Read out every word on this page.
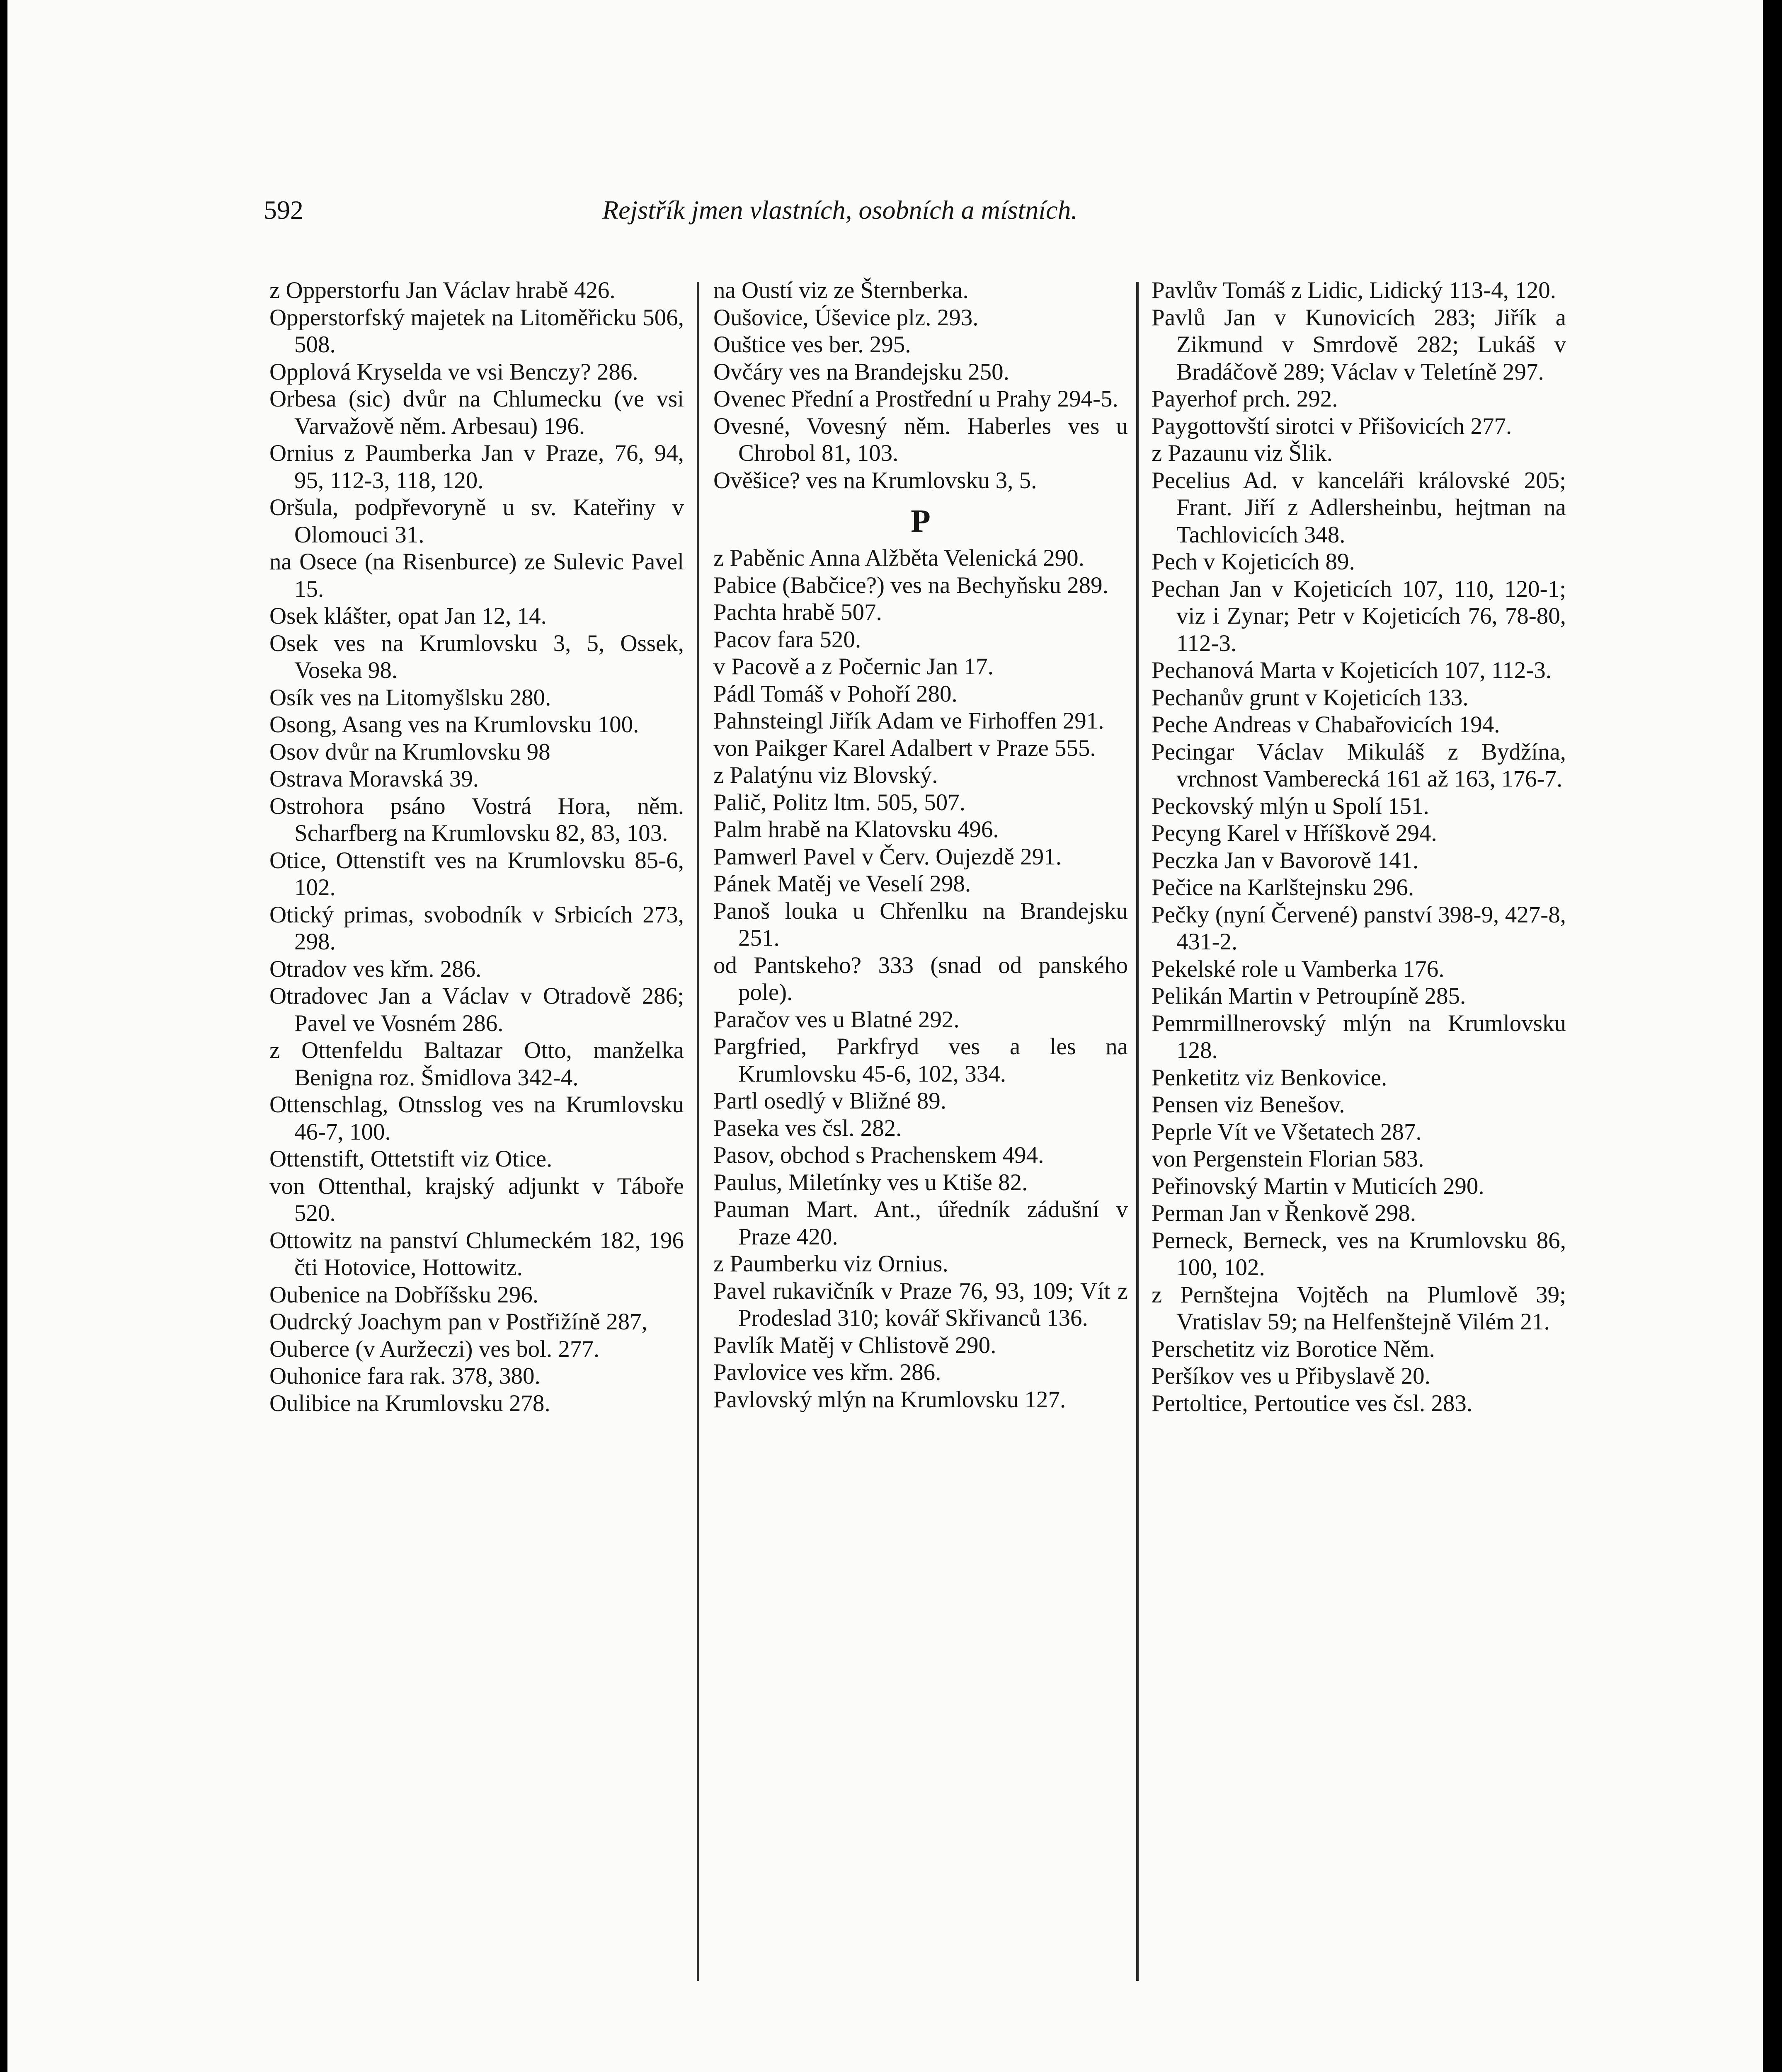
592	Rejstřík jmen vlastních, osobních a místních.
z Opperstorfu Jan Václav hrabě 426.
Opperstorfský majetek na Litoměřicku 506, 508.
Opplová Kryselda ve vsi Benczy? 286.
Orbesa (sic) dvůr na Chlumecku (ve vsi Varvažově něm. Arbesau) 196.
Ornius z Paumberka Jan v Praze, 76, 94, 95, 112-3, 118, 120.
Oršula, podpřevoryně u sv. Kateřiny v Olomouci 31.
na Osece (na Risenburce) ze Sulevic Pavel 15.
Osek klášter, opat Jan 12, 14.
Osek ves na Krumlovsku 3, 5, Ossek, Voseka 98.
Osík ves na Litomyšlsku 280.
Osong, Asang ves na Krumlovsku 100.
Osov dvůr na Krumlovsku 98
Ostrava Moravská 39.
Ostrohora psáno Vostrá Hora, něm. Scharfberg na Krumlovsku 82, 83, 103.
Otice, Ottenstift ves na Krumlovsku 85-6, 102.
Otický primas, svobodník v Srbicích 273, 298.
Otradov ves křm. 286.
Otradovec Jan a Václav v Otradově 286; Pavel ve Vosném 286.
z Ottenfeldu Baltazar Otto, manželka Benigna roz. Šmidlova 342-4.
Ottenschlag, Otnsslog ves na Krumlovsku 46-7, 100.
Ottenstift, Ottetstift viz Otice.
von Ottenthal, krajský adjunkt v Táboře 520.
Ottowitz na panství Chlumeckém 182, 196 čti Hotovice, Hottowitz.
Oubenice na Dobříšsku 296.
Oudrcký Joachym pan v Postřižíně 287,
Ouberce (v Auržeczi) ves bol. 277.
Ouhonice fara rak. 378, 380.
Oulibice na Krumlovsku 278.
na Oustí viz ze Šternberka.
Oušovice, Úševice plz. 293.
Ouštice ves ber. 295.
Ovčáry ves na Brandejsku 250.
Ovenec Přední a Prostřední u Prahy 294-5.
Ovesné, Vovesný něm. Haberles ves u Chrobol 81, 103.
Ověšice? ves na Krumlovsku 3, 5.
P
z Paběnic Anna Alžběta Velenická 290.
Pabice (Babčice?) ves na Bechyňsku 289.
Pachta hrabě 507.
Pacov fara 520.
v Pacově a z Počernic Jan 17.
Pádl Tomáš v Pohoří 280.
Pahnsteingl Jiřík Adam ve Firhoffen 291.
von Paikger Karel Adalbert v Praze 555.
z Palatýnu viz Blovský.
Palič, Politz ltm. 505, 507.
Palm hrabě na Klatovsku 496.
Pamwerl Pavel v Červ. Oujezdě 291.
Pánek Matěj ve Veselí 298.
Panoš louka u Chřenlku na Brandejsku 251.
od Pantskeho? 333 (snad od panského pole).
Paračov ves u Blatné 292.
Pargfried, Parkfryd ves a les na Krumlovsku 45-6, 102, 334.
Partl osedlý v Bližné 89.
Paseka ves čsl. 282.
Pasov, obchod s Prachenskem 494.
Paulus, Miletínky ves u Ktiše 82.
Pauman Mart. Ant., úředník zádušní v Praze 420.
z Paumberku viz Ornius.
Pavel rukavičník v Praze 76, 93, 109; Vít z Prodeslad 310; kovář Skřivanců 136.
Pavlík Matěj v Chlistově 290.
Pavlovice ves křm. 286.
Pavlovský mlýn na Krumlovsku 127.
Pavlův Tomáš z Lidic, Lidický 113-4, 120.
Pavlů Jan v Kunovicích 283; Jiřík a Zikmund v Smrdově 282; Lukáš v Bradáčově 289; Václav v Teletíně 297.
Payerhof prch. 292.
Paygottovští sirotci v Přišovicích 277.
z Pazaunu viz Šlik.
Pecelius Ad. v kanceláři královské 205; Frant. Jiří z Adlersheinbu, hejtman na Tachlovicích 348.
Pech v Kojeticích 89.
Pechan Jan v Kojeticích 107, 110, 120-1; viz i Zynar; Petr v Kojeticích 76, 78-80, 112-3.
Pechanová Marta v Kojeticích 107, 112-3.
Pechanův grunt v Kojeticích 133.
Peche Andreas v Chabařovicích 194.
Pecingar Václav Mikuláš z Bydžína, vrchnost Vamberecká 161 až 163, 176-7.
Peckovský mlýn u Spolí 151.
Pecyng Karel v Hříškově 294.
Peczka Jan v Bavorově 141.
Pečice na Karlštejnsku 296.
Pečky (nyní Červené) panství 398-9, 427-8, 431-2.
Pekelské role u Vamberka 176.
Pelikán Martin v Petroupíně 285.
Pemrmillnerovský mlýn na Krumlovsku 128.
Penketitz viz Benkovice.
Pensen viz Benešov.
Peprle Vít ve Všetatech 287.
von Pergenstein Florian 583.
Peřinovský Martin v Muticích 290.
Perman Jan v Řenkově 298.
Perneck, Berneck, ves na Krumlovsku 86, 100, 102.
z Pernštejna Vojtěch na Plumlově 39; Vratislav 59; na Helfenštejně Vilém 21.
Perschetitz viz Borotice Něm.
Peršíkov ves u Přibyslavě 20.
Pertoltice, Pertoutice ves čsl. 283.
